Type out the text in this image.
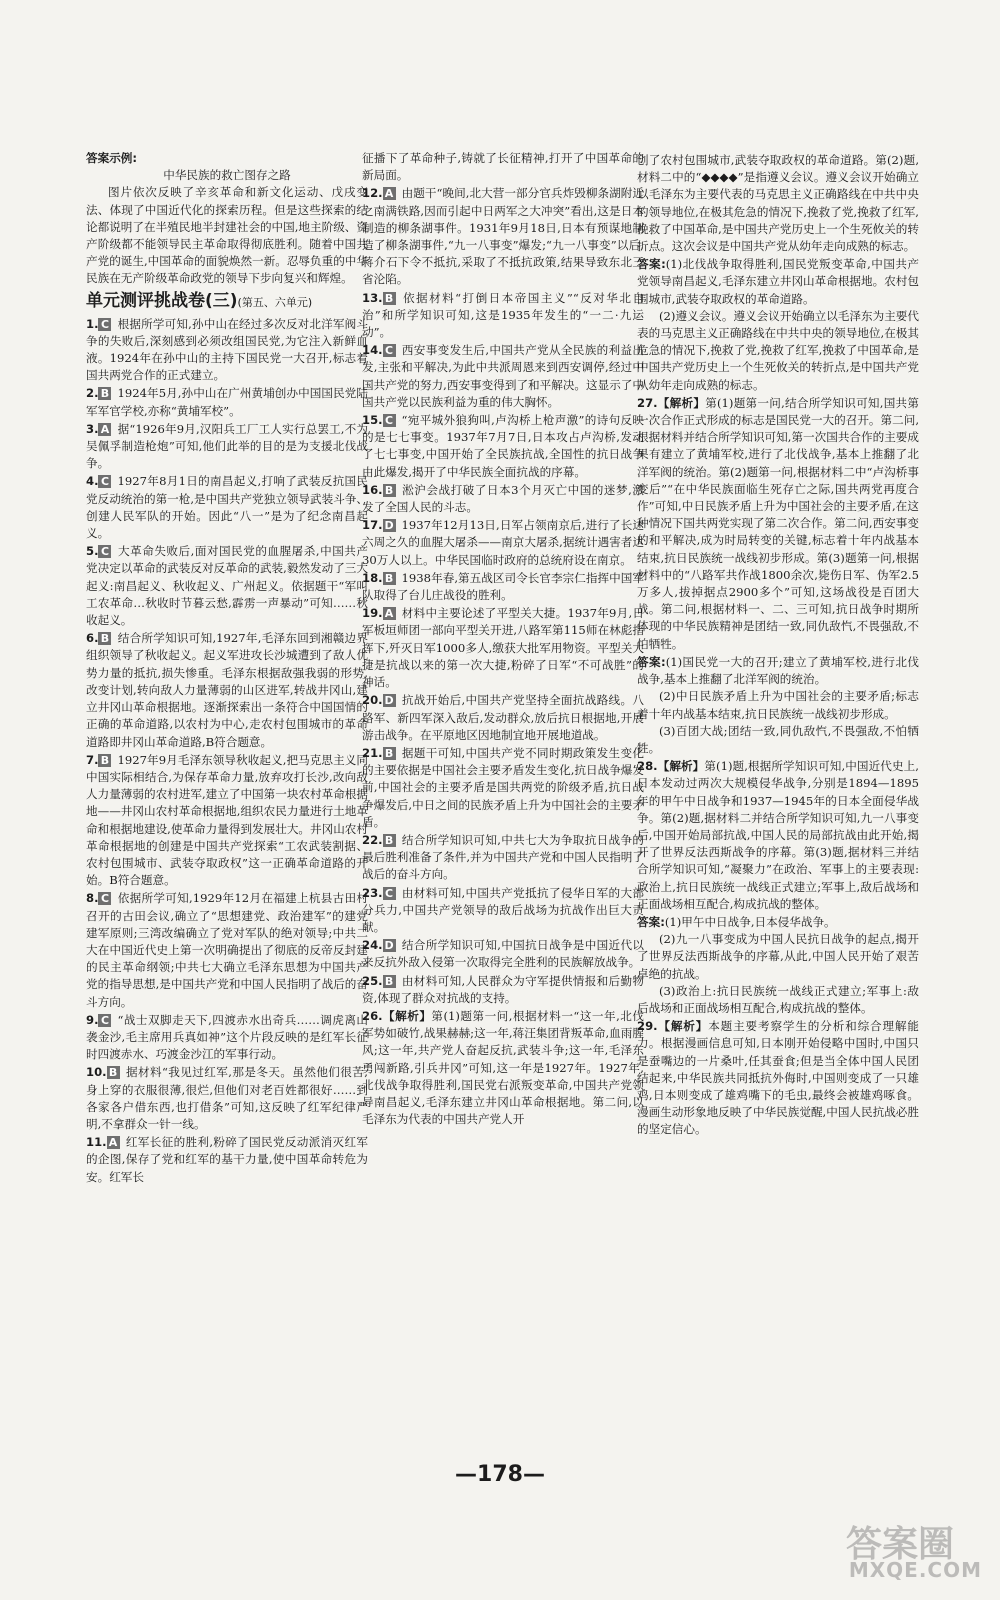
答案示例:
中华民族的救亡图存之路
图片依次反映了辛亥革命和新文化运动、戊戌变法、体现了中国近代化的探索历程。但是这些探索的结论都说明了在半殖民地半封建社会的中国,地主阶级、资产阶级都不能领导民主革命取得彻底胜利。随着中国共产党的诞生,中国革命的面貌焕然一新。忍辱负重的中华民族在无产阶级革命政党的领导下步向复兴和辉煌。
单元测评挑战卷(三)(第五、六单元)
1. C 根据所学可知,孙中山在经过多次反对北洋军阀斗争的失败后,深刻感到必须改组国民党,为它注入新鲜血液。1924年在孙中山的主持下国民党一大召开,标志着国共两党合作的正式建立。
2. B 1924年5月,孙中山在广州黄埔创办中国国民党陆军军官学校,亦称“黄埔军校”。
3. A 据“1926年9月,汉阳兵工厂工人实行总罢工,不为吴佩孚制造枪炮”可知,他们此举的目的是为支援北伐战争。
4. C 1927年8月1日的南昌起义,打响了武装反抗国民党反动统治的第一枪,是中国共产党独立领导武装斗争、创建人民军队的开始。因此“八一”是为了纪念南昌起义。
5. C 大革命失败后,面对国民党的血腥屠杀,中国共产党决定以革命的武装反对反革命的武装,毅然发动了三大起义:南昌起义、秋收起义、广州起义。依据题干“军叫工农革命…秋收时节暮云愁,霹雳一声暴动”可知……秋收起义。
6. B 结合所学知识可知,1927年,毛泽东回到湘赣边界组织领导了秋收起义。起义军进攻长沙城遭到了敌人优势力量的抵抗,损失惨重。毛泽东根据敌强我弱的形势,改变计划,转向敌人力量薄弱的山区进军,转战井冈山,建立井冈山革命根据地。逐渐探索出一条符合中国国情的正确的革命道路,以农村为中心,走农村包围城市的革命道路即井冈山革命道路,B符合题意。
7. B 1927年9月毛泽东领导秋收起义,把马克思主义同中国实际相结合,为保存革命力量,放弃攻打长沙,改向敌人力量薄弱的农村进军,建立了中国第一块农村革命根据地——井冈山农村革命根据地,组织农民力量进行土地革命和根据地建设,使革命力量得到发展壮大。井冈山农村革命根据地的创建是中国共产党探索“工农武装割据、农村包围城市、武装夺取政权”这一正确革命道路的开始。B符合题意。
8. C 依据所学可知,1929年12月在福建上杭县古田村召开的古田会议,确立了“思想建党、政治建军”的建党建军原则;三湾改编确立了党对军队的绝对领导;中共二大在中国近代史上第一次明确提出了彻底的反帝反封建的民主革命纲领;中共七大确立毛泽东思想为中国共产党的指导思想,是中国共产党和中国人民指明了战后的奋斗方向。
9. C “战士双脚走天下,四渡赤水出奇兵……调虎离山袭金沙,毛主席用兵真如神”这个片段反映的是红军长征时四渡赤水、巧渡金沙江的军事行动。
10. B 据材料“我见过红军,那是冬天。虽然他们很苦,身上穿的衣服很薄,很烂,但他们对老百姓都很好……到各家各户借东西,也打借条”可知,这反映了红军纪律严明,不拿群众一针一线。
11. A 红军长征的胜利,粉碎了国民党反动派消灭红军的企图,保存了党和红军的基干力量,使中国革命转危为安。红军长
征播下了革命种子,铸就了长征精神,打开了中国革命的新局面。
12. A 由题干“晚间,北大营一部分官兵炸毁柳条湖附近之南满铁路,因而引起中日两军之大冲突”看出,这是日本制造的柳条湖事件。1931年9月18日,日本有预谋地制造了柳条湖事件,“九一八事变”爆发;“九一八事变”以后,蒋介石下令不抵抗,采取了不抵抗政策,结果导致东北三省沦陷。
13. B 依据材料“打倒日本帝国主义”“反对华北自治”和所学知识可知,这是1935年发生的“一二·九运动”。
14. C 西安事变发生后,中国共产党从全民族的利益出发,主张和平解决,为此中共派周恩来到西安调停,经过中国共产党的努力,西安事变得到了和平解决。这显示了中国共产党以民族利益为重的伟大胸怀。
15. C “宛平城外狼狗叫,卢沟桥上枪声激”的诗句反映的是七七事变。1937年7月7日,日本攻占卢沟桥,发动了七七事变,中国开始了全民族抗战,全国性的抗日战争由此爆发,揭开了中华民族全面抗战的序幕。
16. B 淞沪会战打破了日本3个月灭亡中国的迷梦,激发了全国人民的斗志。
17. D 1937年12月13日,日军占领南京后,进行了长达六周之久的血腥大屠杀——南京大屠杀,据统计遇害者达30万人以上。中华民国临时政府的总统府设在南京。
18. B 1938年春,第五战区司令长官李宗仁指挥中国军队取得了台儿庄战役的胜利。
19. A 材料中主要论述了平型关大捷。1937年9月,日军板垣师团一部向平型关开进,八路军第115师在林彪指挥下,歼灭日军1000多人,缴获大批军用物资。平型关大捷是抗战以来的第一次大捷,粉碎了日军“不可战胜”的神话。
20. D 抗战开始后,中国共产党坚持全面抗战路线。八路军、新四军深入敌后,发动群众,放后抗日根据地,开展游击战争。在平原地区因地制宜地开展地道战。
21. B 据题干可知,中国共产党不同时期政策发生变化的主要依据是中国社会主要矛盾发生变化,抗日战争爆发前,中国社会的主要矛盾是国共两党的阶级矛盾,抗日战争爆发后,中日之间的民族矛盾上升为中国社会的主要矛盾。
22. B 结合所学知识可知,中共七大为争取抗日战争的最后胜利准备了条件,并为中国共产党和中国人民指明了战后的奋斗方向。
23. C 由材料可知,中国共产党抵抗了侵华日军的大部分兵力,中国共产党领导的敌后战场为抗战作出巨大贡献。
24. D 结合所学知识可知,中国抗日战争是中国近代以来反抗外敌入侵第一次取得完全胜利的民族解放战争。
25. B 由材料可知,人民群众为守军提供情报和后勤物资,体现了群众对抗战的支持。
26.【解析】第(1)题第一问,根据材料一“这一年,北伐军势如破竹,战果赫赫;这一年,蒋汪集团背叛革命,血雨腥风;这一年,共产党人奋起反抗,武装斗争;这一年,毛泽东勇闯新路,引兵井冈”可知,这一年是1927年。1927年,北伐战争取得胜利,国民党右派叛变革命,中国共产党领导南昌起义,毛泽东建立井冈山革命根据地。第二问,以毛泽东为代表的中国共产党人开
创了农村包围城市,武装夺取政权的革命道路。第(2)题,材料二中的“◆◆◆◆”是指遵义会议。遵义会议开始确立以毛泽东为主要代表的马克思主义正确路线在中共中央的领导地位,在极其危急的情况下,挽救了党,挽救了红军,挽救了中国革命,是中国共产党历史上一个生死攸关的转折点。这次会议是中国共产党从幼年走向成熟的标志。
答案:(1)北伐战争取得胜利,国民党叛变革命,中国共产党领导南昌起义,毛泽东建立井冈山革命根据地。农村包围城市,武装夺取政权的革命道路。
(2)遵义会议。遵义会议开始确立以毛泽东为主要代表的马克思主义正确路线在中共中央的领导地位,在极其危急的情况下,挽救了党,挽救了红军,挽救了中国革命,是中国共产党历史上一个生死攸关的转折点,是中国共产党从幼年走向成熟的标志。
27.【解析】第(1)题第一问,结合所学知识可知,国共第一次合作正式形成的标志是国民党一大的召开。第二问,根据材料并结合所学知识可知,第一次国共合作的主要成果有建立了黄埔军校,进行了北伐战争,基本上推翻了北洋军阀的统治。第(2)题第一问,根据材料二中“卢沟桥事变后”“在中华民族面临生死存亡之际,国共两党再度合作”可知,中日民族矛盾上升为中国社会的主要矛盾,在这种情况下国共两党实现了第二次合作。第二问,西安事变的和平解决,成为时局转变的关键,标志着十年内战基本结束,抗日民族统一战线初步形成。第(3)题第一问,根据材料中的“八路军共作战1800余次,毙伤日军、伪军2.5万多人,拔掉据点2900多个”可知,这场战役是百团大战。第二问,根据材料一、二、三可知,抗日战争时期所体现的中华民族精神是团结一致,同仇敌忾,不畏强敌,不怕牺牲。
答案:(1)国民党一大的召开;建立了黄埔军校,进行北伐战争,基本上推翻了北洋军阀的统治。
(2)中日民族矛盾上升为中国社会的主要矛盾;标志着十年内战基本结束,抗日民族统一战线初步形成。
(3)百团大战;团结一致,同仇敌忾,不畏强敌,不怕牺牲。
28.【解析】第(1)题,根据所学知识可知,中国近代史上,日本发动过两次大规模侵华战争,分别是1894—1895年的甲午中日战争和1937—1945年的日本全面侵华战争。第(2)题,据材料二并结合所学知识可知,九一八事变后,中国开始局部抗战,中国人民的局部抗战由此开始,揭开了世界反法西斯战争的序幕。第(3)题,据材料三并结合所学知识可知,“凝聚力”在政治、军事上的主要表现:政治上,抗日民族统一战线正式建立;军事上,敌后战场和正面战场相互配合,构成抗战的整体。
答案:(1)甲午中日战争,日本侵华战争。
(2)九一八事变成为中国人民抗日战争的起点,揭开了世界反法西斯战争的序幕,从此,中国人民开始了艰苦卓绝的抗战。
(3)政治上:抗日民族统一战线正式建立;军事上:敌后战场和正面战场相互配合,构成抗战的整体。
29.【解析】本题主要考察学生的分析和综合理解能力。根据漫画信息可知,日本刚开始侵略中国时,中国只是蚕嘴边的一片桑叶,任其蚕食;但是当全体中国人民团结起来,中华民族共同抵抗外侮时,中国则变成了一只雄鸡,日本则变成了雄鸡嘴下的毛虫,最终会被雄鸡啄食。漫画生动形象地反映了中华民族觉醒,中国人民抗战必胜的坚定信心。
—178—
答案圈
MXQE.COM
